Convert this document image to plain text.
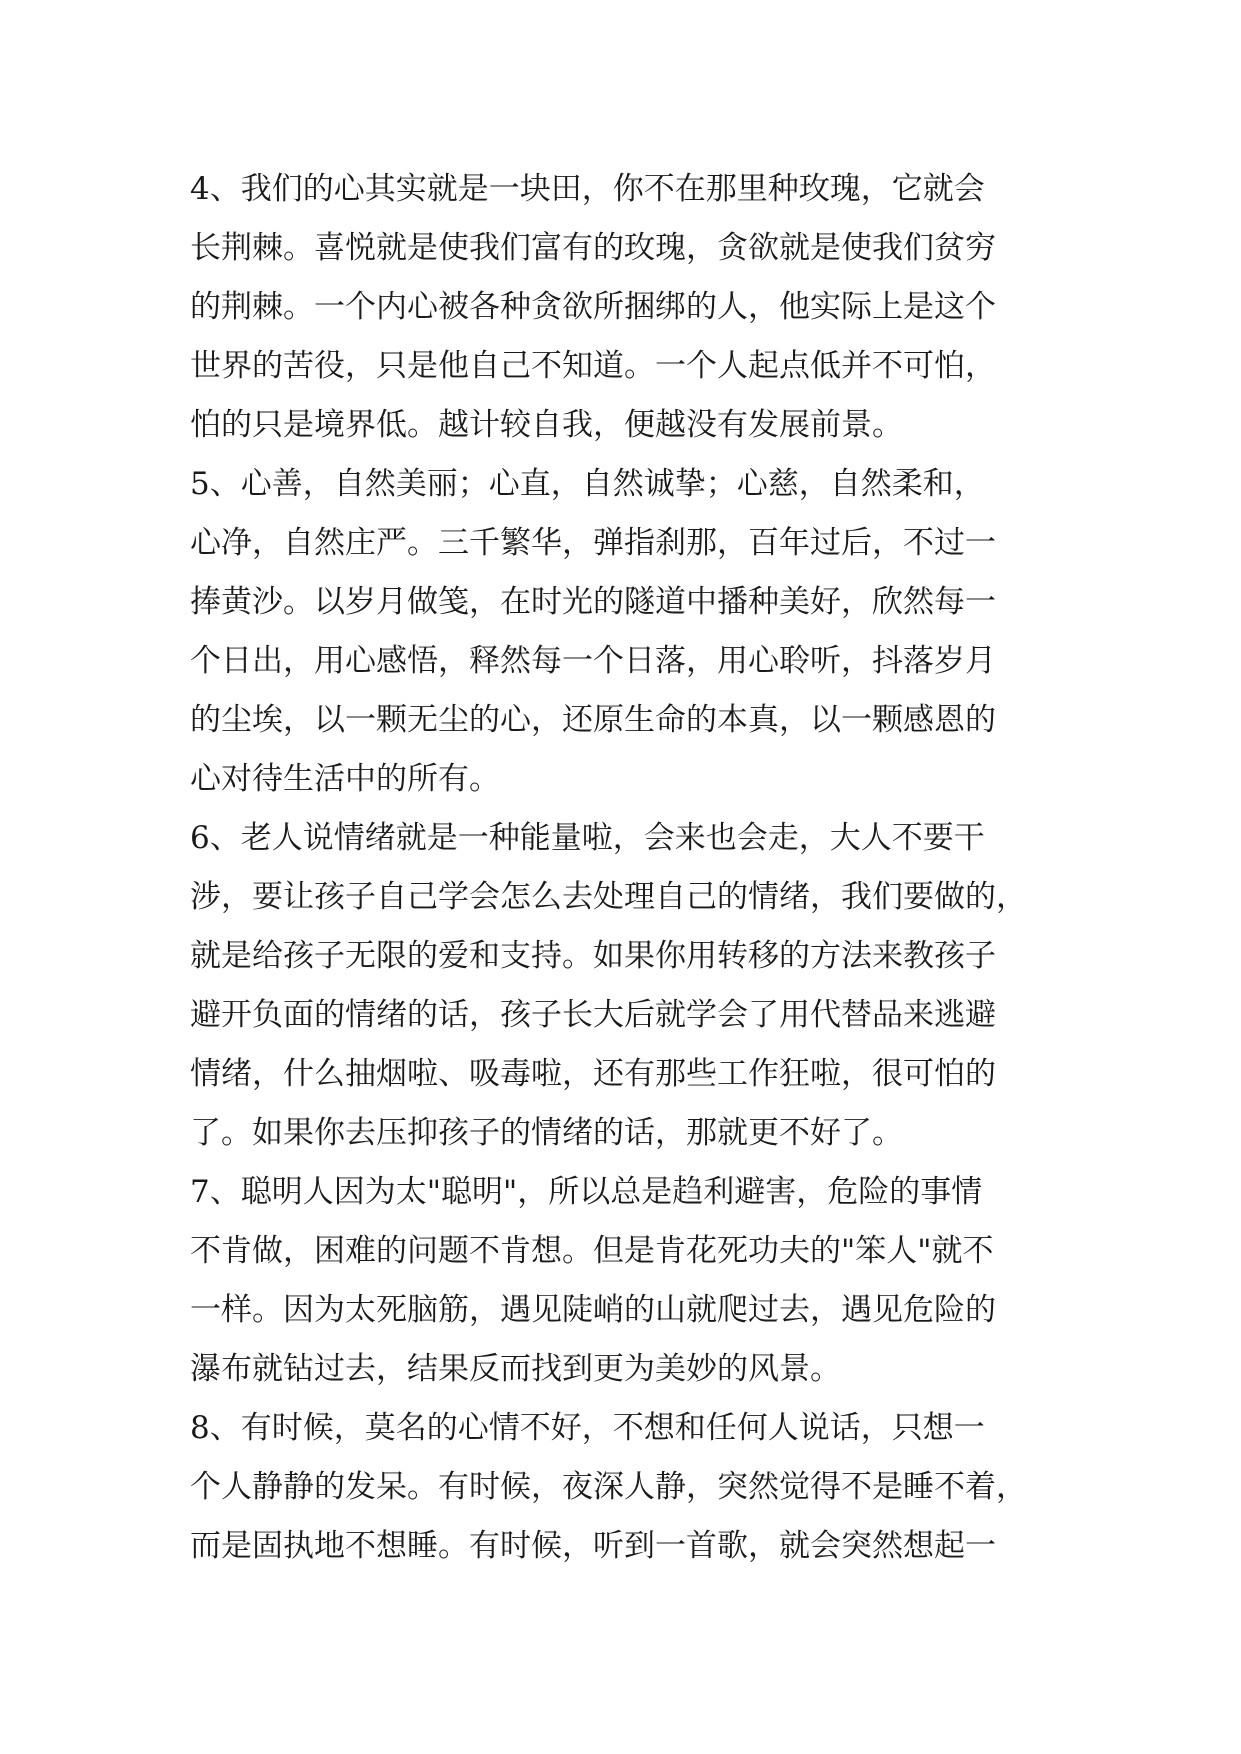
4、我们的心其实就是一块田，你不在那里种玫瑰，它就会
长荆棘。喜悦就是使我们富有的玫瑰，贪欲就是使我们贫穷
的荆棘。一个内心被各种贪欲所捆绑的人，他实际上是这个
世界的苦役，只是他自己不知道。一个人起点低并不可怕，
怕的只是境界低。越计较自我，便越没有发展前景。
5、心善，自然美丽；心直，自然诚挚；心慈，自然柔和，
心净，自然庄严。三千繁华，弹指刹那，百年过后，不过一
捧黄沙。以岁月做笺，在时光的隧道中播种美好，欣然每一
个日出，用心感悟，释然每一个日落，用心聆听，抖落岁月
的尘埃，以一颗无尘的心，还原生命的本真，以一颗感恩的
心对待生活中的所有。
6、老人说情绪就是一种能量啦，会来也会走，大人不要干
涉，要让孩子自己学会怎么去处理自己的情绪，我们要做的，
就是给孩子无限的爱和支持。如果你用转移的方法来教孩子
避开负面的情绪的话，孩子长大后就学会了用代替品来逃避
情绪，什么抽烟啦、吸毒啦，还有那些工作狂啦，很可怕的
了。如果你去压抑孩子的情绪的话，那就更不好了。
7、聪明人因为太"聪明"，所以总是趋利避害，危险的事情
不肯做，困难的问题不肯想。但是肯花死功夫的"笨人"就不
一样。因为太死脑筋，遇见陡峭的山就爬过去，遇见危险的
瀑布就钻过去，结果反而找到更为美妙的风景。
8、有时候，莫名的心情不好，不想和任何人说话，只想一
个人静静的发呆。有时候，夜深人静，突然觉得不是睡不着，
而是固执地不想睡。有时候，听到一首歌，就会突然想起一
